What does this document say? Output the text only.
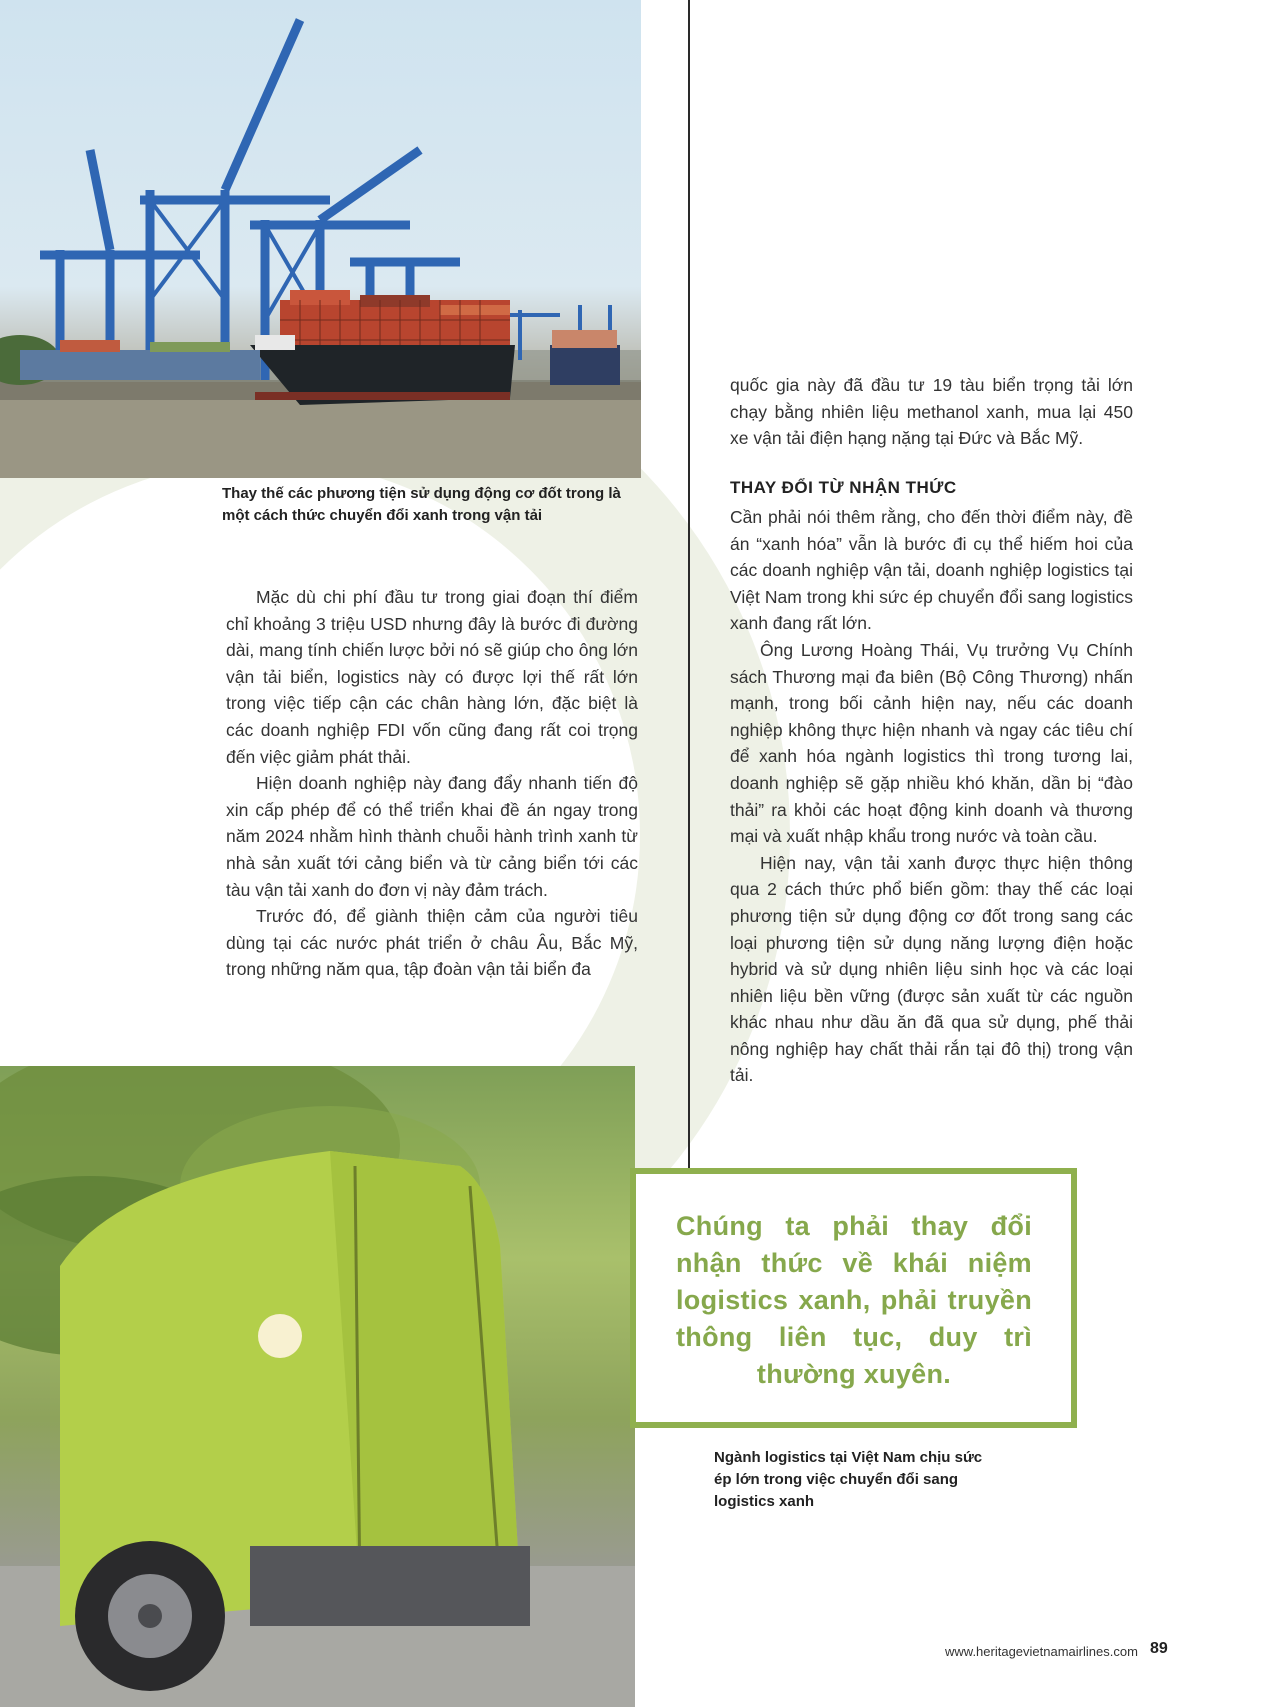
Thay thế các phương tiện sử dụng động cơ đốt trong là một cách thức chuyển đổi xanh trong vận tải

Mặc dù chi phí đầu tư trong giai đoạn thí điểm chỉ khoảng 3 triệu USD nhưng đây là bước đi đường dài, mang tính chiến lược bởi nó sẽ giúp cho ông lớn vận tải biển, logistics này có được lợi thế rất lớn trong việc tiếp cận các chân hàng lớn, đặc biệt là các doanh nghiệp FDI vốn cũng đang rất coi trọng đến việc giảm phát thải.

Hiện doanh nghiệp này đang đẩy nhanh tiến độ xin cấp phép để có thể triển khai đề án ngay trong năm 2024 nhằm hình thành chuỗi hành trình xanh từ nhà sản xuất tới cảng biển và từ cảng biển tới các tàu vận tải xanh do đơn vị này đảm trách.

Trước đó, để giành thiện cảm của người tiêu dùng tại các nước phát triển ở châu Âu, Bắc Mỹ, trong những năm qua, tập đoàn vận tải biển đa

quốc gia này đã đầu tư 19 tàu biển trọng tải lớn chạy bằng nhiên liệu methanol xanh, mua lại 450 xe vận tải điện hạng nặng tại Đức và Bắc Mỹ.

THAY ĐỔI TỪ NHẬN THỨC

Cần phải nói thêm rằng, cho đến thời điểm này, đề án “xanh hóa” vẫn là bước đi cụ thể hiếm hoi của các doanh nghiệp vận tải, doanh nghiệp logistics tại Việt Nam trong khi sức ép chuyển đổi sang logistics xanh đang rất lớn.

Ông Lương Hoàng Thái, Vụ trưởng Vụ Chính sách Thương mại đa biên (Bộ Công Thương) nhấn mạnh, trong bối cảnh hiện nay, nếu các doanh nghiệp không thực hiện nhanh và ngay các tiêu chí để xanh hóa ngành logistics thì trong tương lai, doanh nghiệp sẽ gặp nhiều khó khăn, dần bị “đào thải” ra khỏi các hoạt động kinh doanh và thương mại và xuất nhập khẩu trong nước và toàn cầu.

Hiện nay, vận tải xanh được thực hiện thông qua 2 cách thức phổ biến gồm: thay thế các loại phương tiện sử dụng động cơ đốt trong sang các loại phương tiện sử dụng năng lượng điện hoặc hybrid và sử dụng nhiên liệu sinh học và các loại nhiên liệu bền vững (được sản xuất từ các nguồn khác nhau như dầu ăn đã qua sử dụng, phế thải nông nghiệp hay chất thải rắn tại đô thị) trong vận tải.

Chúng ta phải thay đổi nhận thức về khái niệm logistics xanh, phải truyền thông liên tục, duy trì thường xuyên.
Ngành logistics tại Việt Nam chịu sức ép lớn trong việc chuyển đổi sang logistics xanh
www.heritagevietnamairlines.com 89
